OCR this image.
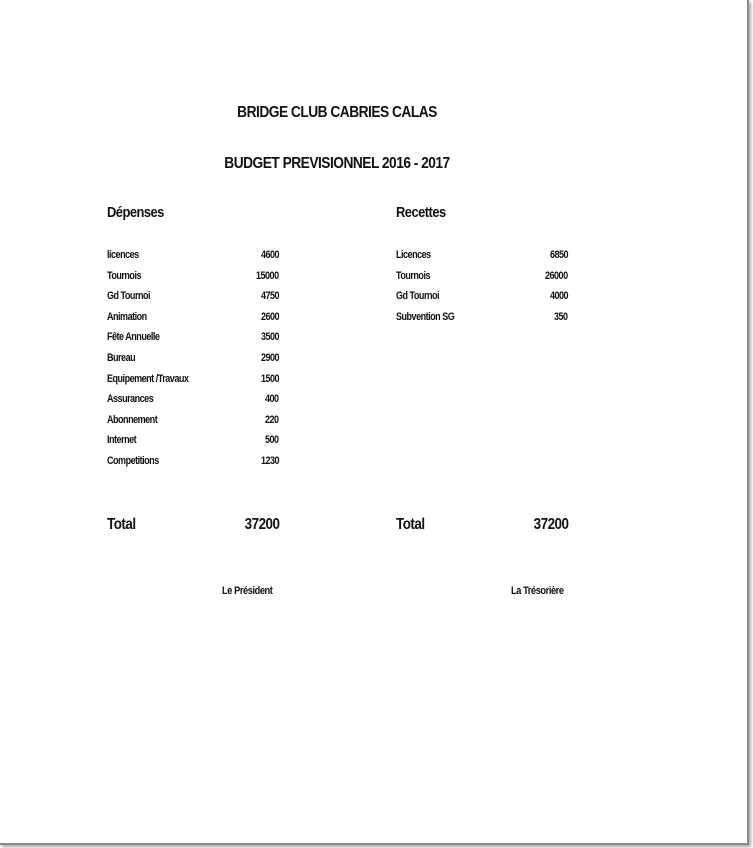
BRIDGE CLUB CABRIES CALAS
BUDGET PREVISIONNEL 2016 - 2017
Dépenses	Recettes
licences	4600
Tournois	15000
Gd Tournoi	4750
Animation	2600
Fête Annuelle	3500
Bureau	2900
Equipement /Travaux	1500
Assurances	400
Abonnement	220
Internet	500
Competitions	1230
Licences	6850
Tournois	26000
Gd Tournoi	4000
Subvention SG	350
Total	37200	Total	37200
Le Président	La Trésorière
